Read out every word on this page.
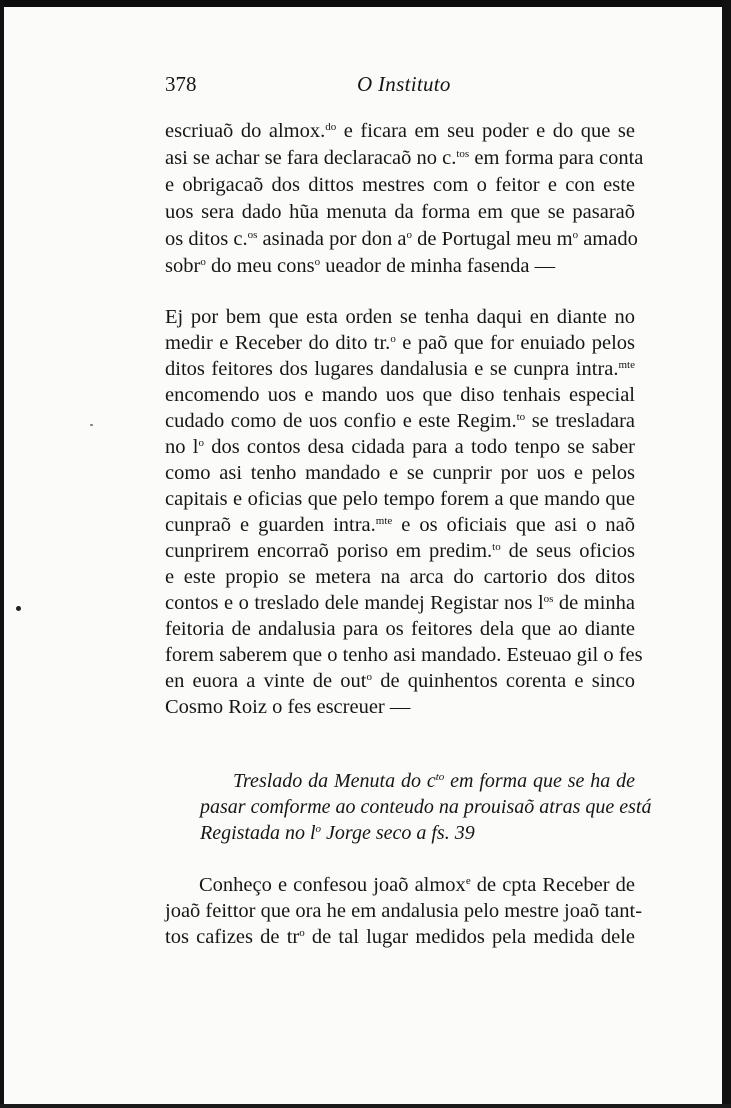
378	O Instituto
escriuaõ do almox.$^{do}$ e ficara em seu poder e do que se
asi se achar se fara declaracaõ no c.$^{tos}$ em forma para conta
e obrigacaõ dos dittos mestres com o feitor e con este
uos sera dado hũa menuta da forma em que se pasaraõ
os ditos c.$^{os}$ asinada por don $a^o$ de Portugal meu $m^o$ amado
sobr$^o$ do meu cons$^o$ ueador de minha fasenda —
Ej por bem que esta orden se tenha daqui en diante no
medir e Receber do dito tr.$^o$ e paõ que for enuiado pelos
ditos feitores dos lugares dandalusia e se cunpra intra.$^{mte}$
encomendo uos e mando uos que diso tenhais especial
cudado como de uos confio e este Regim.$^{to}$ se tresladara
no $l^o$ dos contos desa cidada para a todo tenpo se saber
como asi tenho mandado e se cunprir por uos e pelos
capitais e oficias que pelo tempo forem a que mando que
cunpraõ e guarden intra.$^{mte}$ e os oficiais que asi o naõ
cunprirem encorraõ poriso em predim.$^{to}$ de seus oficios
e este propio se metera na arca do cartorio dos ditos
contos e o treslado dele mandej Registar nos $l^{os}$ de minha
feitoria de andalusia para os feitores dela que ao diante
forem saberem que o tenho asi mandado. Esteuao gil o fes
en euora a vinte de out$^o$ de quinhentos corenta e sinco
Cosmo Roiz o fes escreuer —
Treslado da Menuta do $c^{to}$ em forma que se ha de
pasar comforme ao conteudo na prouisaõ atras que está
Registada no $l^o$ Jorge seco a fs. 39
Conheço e confesou joaõ almox$^e$ de cpta Receber de
joaõ feittor que ora he em andalusia pelo mestre joaõ tant-
tos cafizes de $tr^o$ de tal lugar medidos pela medida dele
